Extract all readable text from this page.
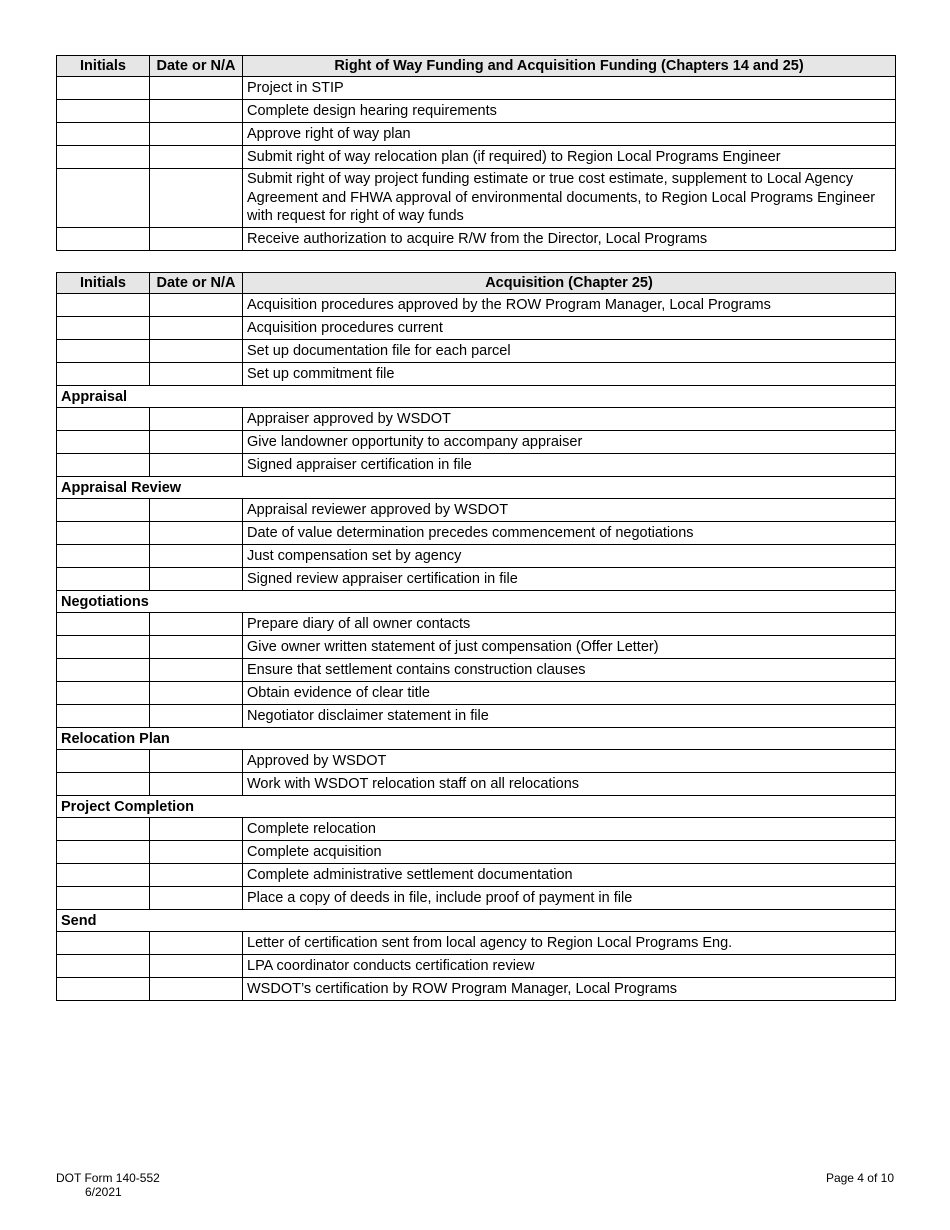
Initials	Date or N/A	Right of Way Funding and Acquisition Funding (Chapters 14 and 25)
		Project in STIP
		Complete design hearing requirements
		Approve right of way plan
		Submit right of way relocation plan (if required) to Region Local Programs Engineer
		Submit right of way project funding estimate or true cost estimate, supplement to Local Agency Agreement and FHWA approval of environmental documents, to Region Local Programs Engineer with request for right of way funds
		Receive authorization to acquire R/W from the Director, Local Programs
Initials	Date or N/A	Acquisition (Chapter 25)
		Acquisition procedures approved by the ROW Program Manager, Local Programs
		Acquisition procedures current
		Set up documentation file for each parcel
		Set up commitment file
Appraisal		
		Appraiser approved by WSDOT
		Give landowner opportunity to accompany appraiser
		Signed appraiser certification in file
Appraisal Review		
		Appraisal reviewer approved by WSDOT
		Date of value determination precedes commencement of negotiations
		Just compensation set by agency
		Signed review appraiser certification in file
Negotiations		
		Prepare diary of all owner contacts
		Give owner written statement of just compensation (Offer Letter)
		Ensure that settlement contains construction clauses
		Obtain evidence of clear title
		Negotiator disclaimer statement in file
Relocation Plan		
		Approved by WSDOT
		Work with WSDOT relocation staff on all relocations
Project Completion		
		Complete relocation
		Complete acquisition
		Complete administrative settlement documentation
		Place a copy of deeds in file, include proof of payment in file
Send		
		Letter of certification sent from local agency to Region Local Programs Eng.
		LPA coordinator conducts certification review
		WSDOT’s certification by ROW Program Manager, Local Programs
DOT Form 140-552
6/2021
Page 4 of 10
